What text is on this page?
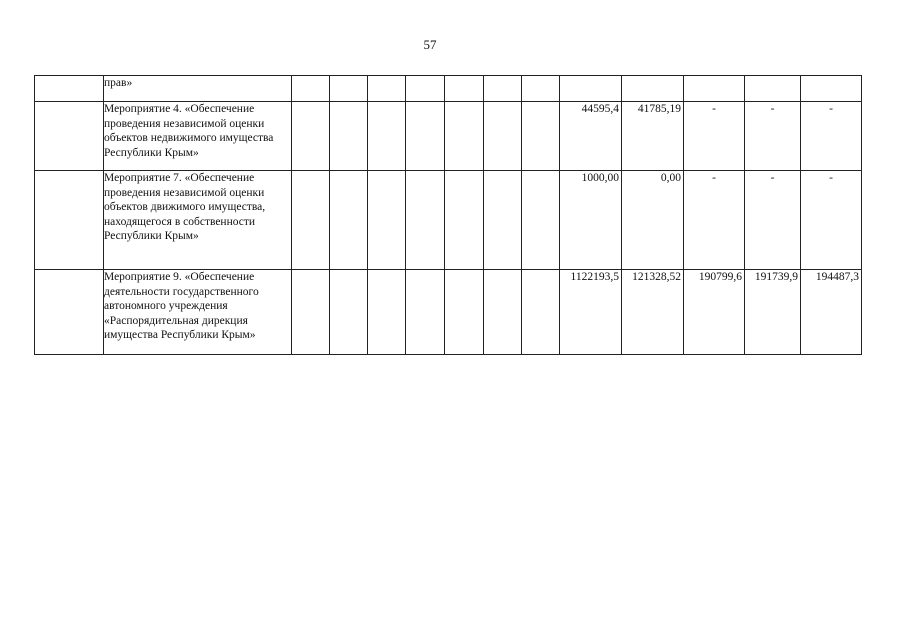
57
	прав»												
	Мероприятие 4. «Обеспечение проведения независимой оценки объектов недвижимого имущества Республики Крым»								44595,4	41785,19	-	-	-
	Мероприятие 7. «Обеспечение проведения независимой оценки объектов движимого имущества, находящегося в собственности Республики Крым»								1000,00	0,00	-	-	-
	Мероприятие 9. «Обеспечение деятельности государственного автономного учреждения «Распорядительная дирекция имущества Республики Крым»								1122193,5	121328,52	190799,6	191739,9	194487,3
